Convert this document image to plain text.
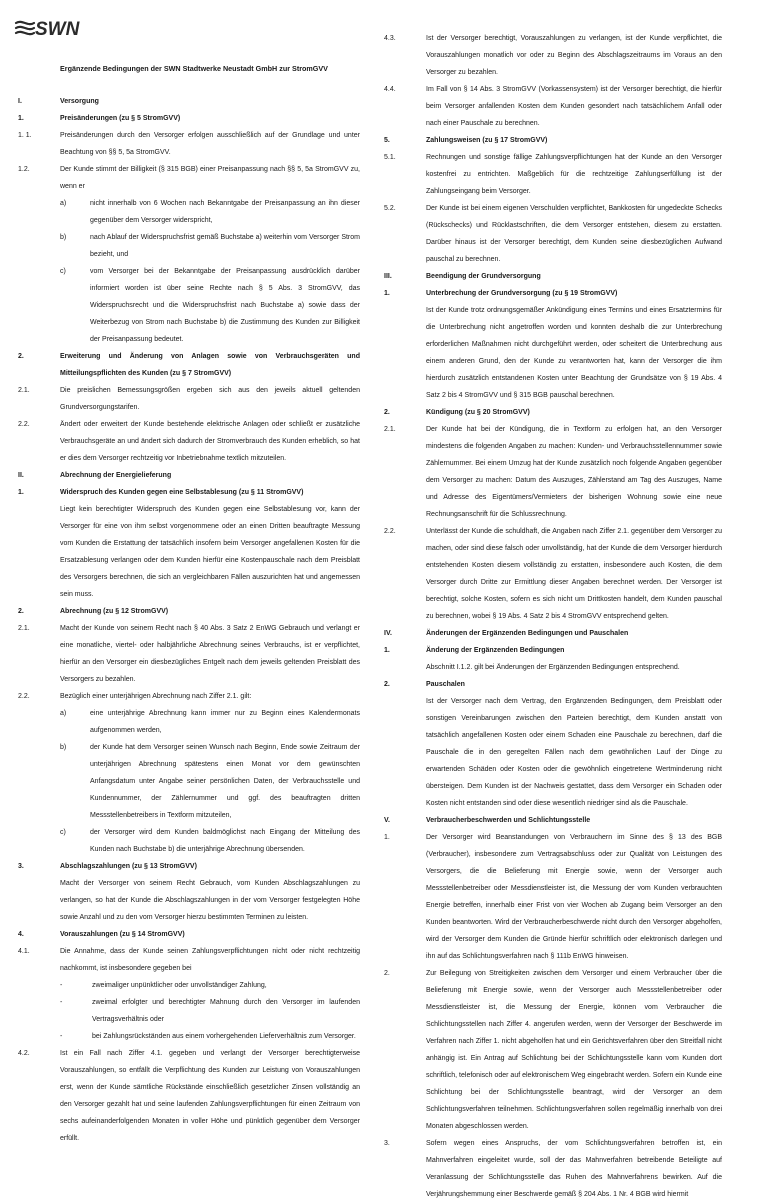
SWN
Ergänzende Bedingungen der SWN Stadtwerke Neustadt GmbH zur StromGVV
I.	Versorgung
1.	Preisänderungen (zu § 5 StromGVV)
1. 1.	Preisänderungen durch den Versorger erfolgen ausschließlich auf der Grundlage und unter Beachtung von §§ 5, 5a StromGVV.
1.2.	Der Kunde stimmt der Billigkeit (§ 315 BGB) einer Preisanpassung nach §§ 5, 5a StromGVV zu, wenn er
a)	nicht innerhalb von 6 Wochen nach Bekanntgabe der Preisanpassung an ihn dieser gegenüber dem Versorger widerspricht,
b)	nach Ablauf der Widerspruchsfrist gemäß Buchstabe a) weiterhin vom Versorger Strom bezieht, und
c)	vom Versorger bei der Bekanntgabe der Preisanpassung ausdrücklich darüber informiert worden ist über seine Rechte nach § 5 Abs. 3 StromGVV, das Widerspruchsrecht und die Widerspruchsfrist nach Buchstabe a) sowie dass der Weiterbezug von Strom nach Buchstabe b) die Zustimmung des Kunden zur Billigkeit der Preisanpassung bedeutet.
2.	Erweiterung und Änderung von Anlagen sowie von Verbrauchsgeräten und Mitteilungspflichten des Kunden (zu § 7 StromGVV)
2.1.	Die preislichen Bemessungsgrößen ergeben sich aus den jeweils aktuell geltenden Grundversorgungstarifen.
2.2.	Ändert oder erweitert der Kunde bestehende elektrische Anlagen oder schließt er zusätzliche Verbrauchsgeräte an und ändert sich dadurch der Stromverbrauch des Kunden erheblich, so hat er dies dem Versorger rechtzeitig vor Inbetriebnahme textlich mitzuteilen.
II.	Abrechnung der Energielieferung
1.	Widerspruch des Kunden gegen eine Selbstablesung (zu § 11 StromGVV)
Liegt kein berechtigter Widerspruch des Kunden gegen eine Selbstablesung vor, kann der Versorger für eine von ihm selbst vorgenommene oder an einen Dritten beauftragte Messung vom Kunden die Erstattung der tatsächlich insofern beim Versorger angefallenen Kosten für die Ersatzablesung verlangen oder dem Kunden hierfür eine Kostenpauschale nach dem Preisblatt des Versorgers berechnen, die sich an vergleichbaren Fällen auszurichten hat und angemessen sein muss.
2.	Abrechnung (zu § 12 StromGVV)
2.1.	Macht der Kunde von seinem Recht nach § 40 Abs. 3 Satz 2 EnWG Gebrauch und verlangt er eine monatliche, viertel- oder halbjährliche Abrechnung seines Verbrauchs, ist er verpflichtet, hierfür an den Versorger ein diesbezügliches Entgelt nach dem jeweils geltenden Preisblatt des Versorgers zu bezahlen.
2.2.	Bezüglich einer unterjährigen Abrechnung nach Ziffer 2.1. gilt:
a)	eine unterjährige Abrechnung kann immer nur zu Beginn eines Kalendermonats aufgenommen werden,
b)	der Kunde hat dem Versorger seinen Wunsch nach Beginn, Ende sowie Zeitraum der unterjährigen Abrechnung spätestens einen Monat vor dem gewünschten Anfangsdatum unter Angabe seiner persönlichen Daten, der Verbrauchsstelle und Kundennummer, der Zählernummer und ggf. des beauftragten dritten Messstellenbetreibers in Textform mitzuteilen,
c)	der Versorger wird dem Kunden baldmöglichst nach Eingang der Mitteilung des Kunden nach Buchstabe b) die unterjährige Abrechnung übersenden.
3.	Abschlagszahlungen (zu § 13 StromGVV)
Macht der Versorger von seinem Recht Gebrauch, vom Kunden Abschlagszahlungen zu verlangen, so hat der Kunde die Abschlagszahlungen in der vom Versorger festgelegten Höhe sowie Anzahl und zu den vom Versorger hierzu bestimmten Terminen zu leisten.
4.	Vorauszahlungen (zu § 14 StromGVV)
4.1.	Die Annahme, dass der Kunde seinen Zahlungsverpflichtungen nicht oder nicht rechtzeitig nachkommt, ist insbesondere gegeben bei
-	zweimaliger unpünktlicher oder unvollständiger Zahlung,
-	zweimal erfolgter und berechtigter Mahnung durch den Versorger im laufenden Vertragsverhältnis oder
-	bei Zahlungsrückständen aus einem vorhergehenden Lieferverhältnis zum Versorger.
4.2.	Ist ein Fall nach Ziffer 4.1. gegeben und verlangt der Versorger berechtigterweise Vorauszahlungen, so entfällt die Verpflichtung des Kunden zur Leistung von Vorauszahlungen erst, wenn der Kunde sämtliche Rückstände einschließlich gesetzlicher Zinsen vollständig an den Versorger gezahlt hat und seine laufenden Zahlungsverpflichtungen für einen Zeitraum von sechs aufeinanderfolgenden Monaten in voller Höhe und pünktlich gegenüber dem Versorger erfüllt.
4.3.	Ist der Versorger berechtigt, Vorauszahlungen zu verlangen, ist der Kunde verpflichtet, die Vorauszahlungen monatlich vor oder zu Beginn des Abschlagszeitraums im Voraus an den Versorger zu bezahlen.
4.4.	Im Fall von § 14 Abs. 3 StromGVV (Vorkassensystem) ist der Versorger berechtigt, die hierfür beim Versorger anfallenden Kosten dem Kunden gesondert nach tatsächlichem Anfall oder nach einer Pauschale zu berechnen.
5.	Zahlungsweisen (zu § 17 StromGVV)
5.1.	Rechnungen und sonstige fällige Zahlungsverpflichtungen hat der Kunde an den Versorger kostenfrei zu entrichten. Maßgeblich für die rechtzeitige Zahlungserfüllung ist der Zahlungseingang beim Versorger.
5.2.	Der Kunde ist bei einem eigenen Verschulden verpflichtet, Bankkosten für ungedeckte Schecks (Rückschecks) und Rücklastschriften, die dem Versorger entstehen, diesem zu erstatten. Darüber hinaus ist der Versorger berechtigt, dem Kunden seine diesbezüglichen Aufwand pauschal zu berechnen.
III.	Beendigung der Grundversorgung
1.	Unterbrechung der Grundversorgung (zu § 19 StromGVV)
Ist der Kunde trotz ordnungsgemäßer Ankündigung eines Termins und eines Ersatztermins für die Unterbrechung nicht angetroffen worden und konnten deshalb die zur Unterbrechung erforderlichen Maßnahmen nicht durchgeführt werden, oder scheitert die Unterbrechung aus einem anderen Grund, den der Kunde zu verantworten hat, kann der Versorger die ihm hierdurch zusätzlich entstandenen Kosten unter Beachtung der Grundsätze von § 19 Abs. 4 Satz 2 bis 4 StromGVV und § 315 BGB pauschal berechnen.
2.	Kündigung (zu § 20 StromGVV)
2.1.	Der Kunde hat bei der Kündigung, die in Textform zu erfolgen hat, an den Versorger mindestens die folgenden Angaben zu machen: Kunden- und Verbrauchsstellennummer sowie Zählernummer. Bei einem Umzug hat der Kunde zusätzlich noch folgende Angaben gegenüber dem Versorger zu machen: Datum des Auszuges, Zählerstand am Tag des Auszuges, Name und Adresse des Eigentümers/Vermieters der bisherigen Wohnung sowie eine neue Rechnungsanschrift für die Schlussrechnung.
2.2.	Unterlässt der Kunde die schuldhaft, die Angaben nach Ziffer 2.1. gegenüber dem Versorger zu machen, oder sind diese falsch oder unvollständig, hat der Kunde die dem Versorger hierdurch entstehenden Kosten diesem vollständig zu erstatten, insbesondere auch Kosten, die dem Versorger durch Dritte zur Ermittlung dieser Angaben berechnet werden. Der Versorger ist berechtigt, solche Kosten, sofern es sich nicht um Drittkosten handelt, dem Kunden pauschal zu berechnen, wobei § 19 Abs. 4 Satz 2 bis 4 StromGVV entsprechend gelten.
IV.	Änderungen der Ergänzenden Bedingungen und Pauschalen
1.	Änderung der Ergänzenden Bedingungen
Abschnitt I.1.2. gilt bei Änderungen der Ergänzenden Bedingungen entsprechend.
2.	Pauschalen
Ist der Versorger nach dem Vertrag, den Ergänzenden Bedingungen, dem Preisblatt oder sonstigen Vereinbarungen zwischen den Parteien berechtigt, dem Kunden anstatt von tatsächlich angefallenen Kosten oder einem Schaden eine Pauschale zu berechnen, darf die Pauschale die in den geregelten Fällen nach dem gewöhnlichen Lauf der Dinge zu erwartenden Schäden oder Kosten oder die gewöhnlich eingetretene Wertminderung nicht übersteigen. Dem Kunden ist der Nachweis gestattet, dass dem Versorger ein Schaden oder Kosten nicht entstanden sind oder diese wesentlich niedriger sind als die Pauschale.
V.	Verbraucherbeschwerden und Schlichtungsstelle
1.	Der Versorger wird Beanstandungen von Verbrauchern im Sinne des § 13 des BGB (Verbraucher), insbesondere zum Vertragsabschluss oder zur Qualität von Leistungen des Versorgers, die die Belieferung mit Energie sowie, wenn der Versorger auch Messstellenbetreiber oder Messdienstleister ist, die Messung der vom Kunden verbrauchten Energie betreffen, innerhalb einer Frist von vier Wochen ab Zugang beim Versorger an den Kunden beantworten. Wird der Verbraucherbeschwerde nicht durch den Versorger abgeholfen, wird der Versorger dem Kunden die Gründe hierfür schriftlich oder elektronisch darlegen und ihn auf das Schlichtungsverfahren nach § 111b EnWG hinweisen.
2.	Zur Beilegung von Streitigkeiten zwischen dem Versorger und einem Verbraucher über die Belieferung mit Energie sowie, wenn der Versorger auch Messstellenbetreiber oder Messdienstleister ist, die Messung der Energie, können vom Verbraucher die Schlichtungsstellen nach Ziffer 4. angerufen werden, wenn der Versorger der Beschwerde im Verfahren nach Ziffer 1. nicht abgeholfen hat und ein Gerichtsverfahren über den Streitfall nicht anhängig ist. Ein Antrag auf Schlichtung bei der Schlichtungsstelle kann vom Kunden dort schriftlich, telefonisch oder auf elektronischem Weg eingebracht werden. Sofern ein Kunde eine Schlichtung bei der Schlichtungsstelle beantragt, wird der Versorger an dem Schlichtungsverfahren teilnehmen. Schlichtungsverfahren sollen regelmäßig innerhalb von drei Monaten abgeschlossen werden.
3.	Sofern wegen eines Anspruchs, der vom Schlichtungsverfahren betroffen ist, ein Mahnverfahren eingeleitet wurde, soll der das Mahnverfahren betreibende Beteiligte auf Veranlassung der Schlichtungsstelle das Ruhen des Mahnverfahrens bewirken. Auf die Verjährungshemmung einer Beschwerde gemäß § 204 Abs. 1 Nr. 4 BGB wird hiermit
